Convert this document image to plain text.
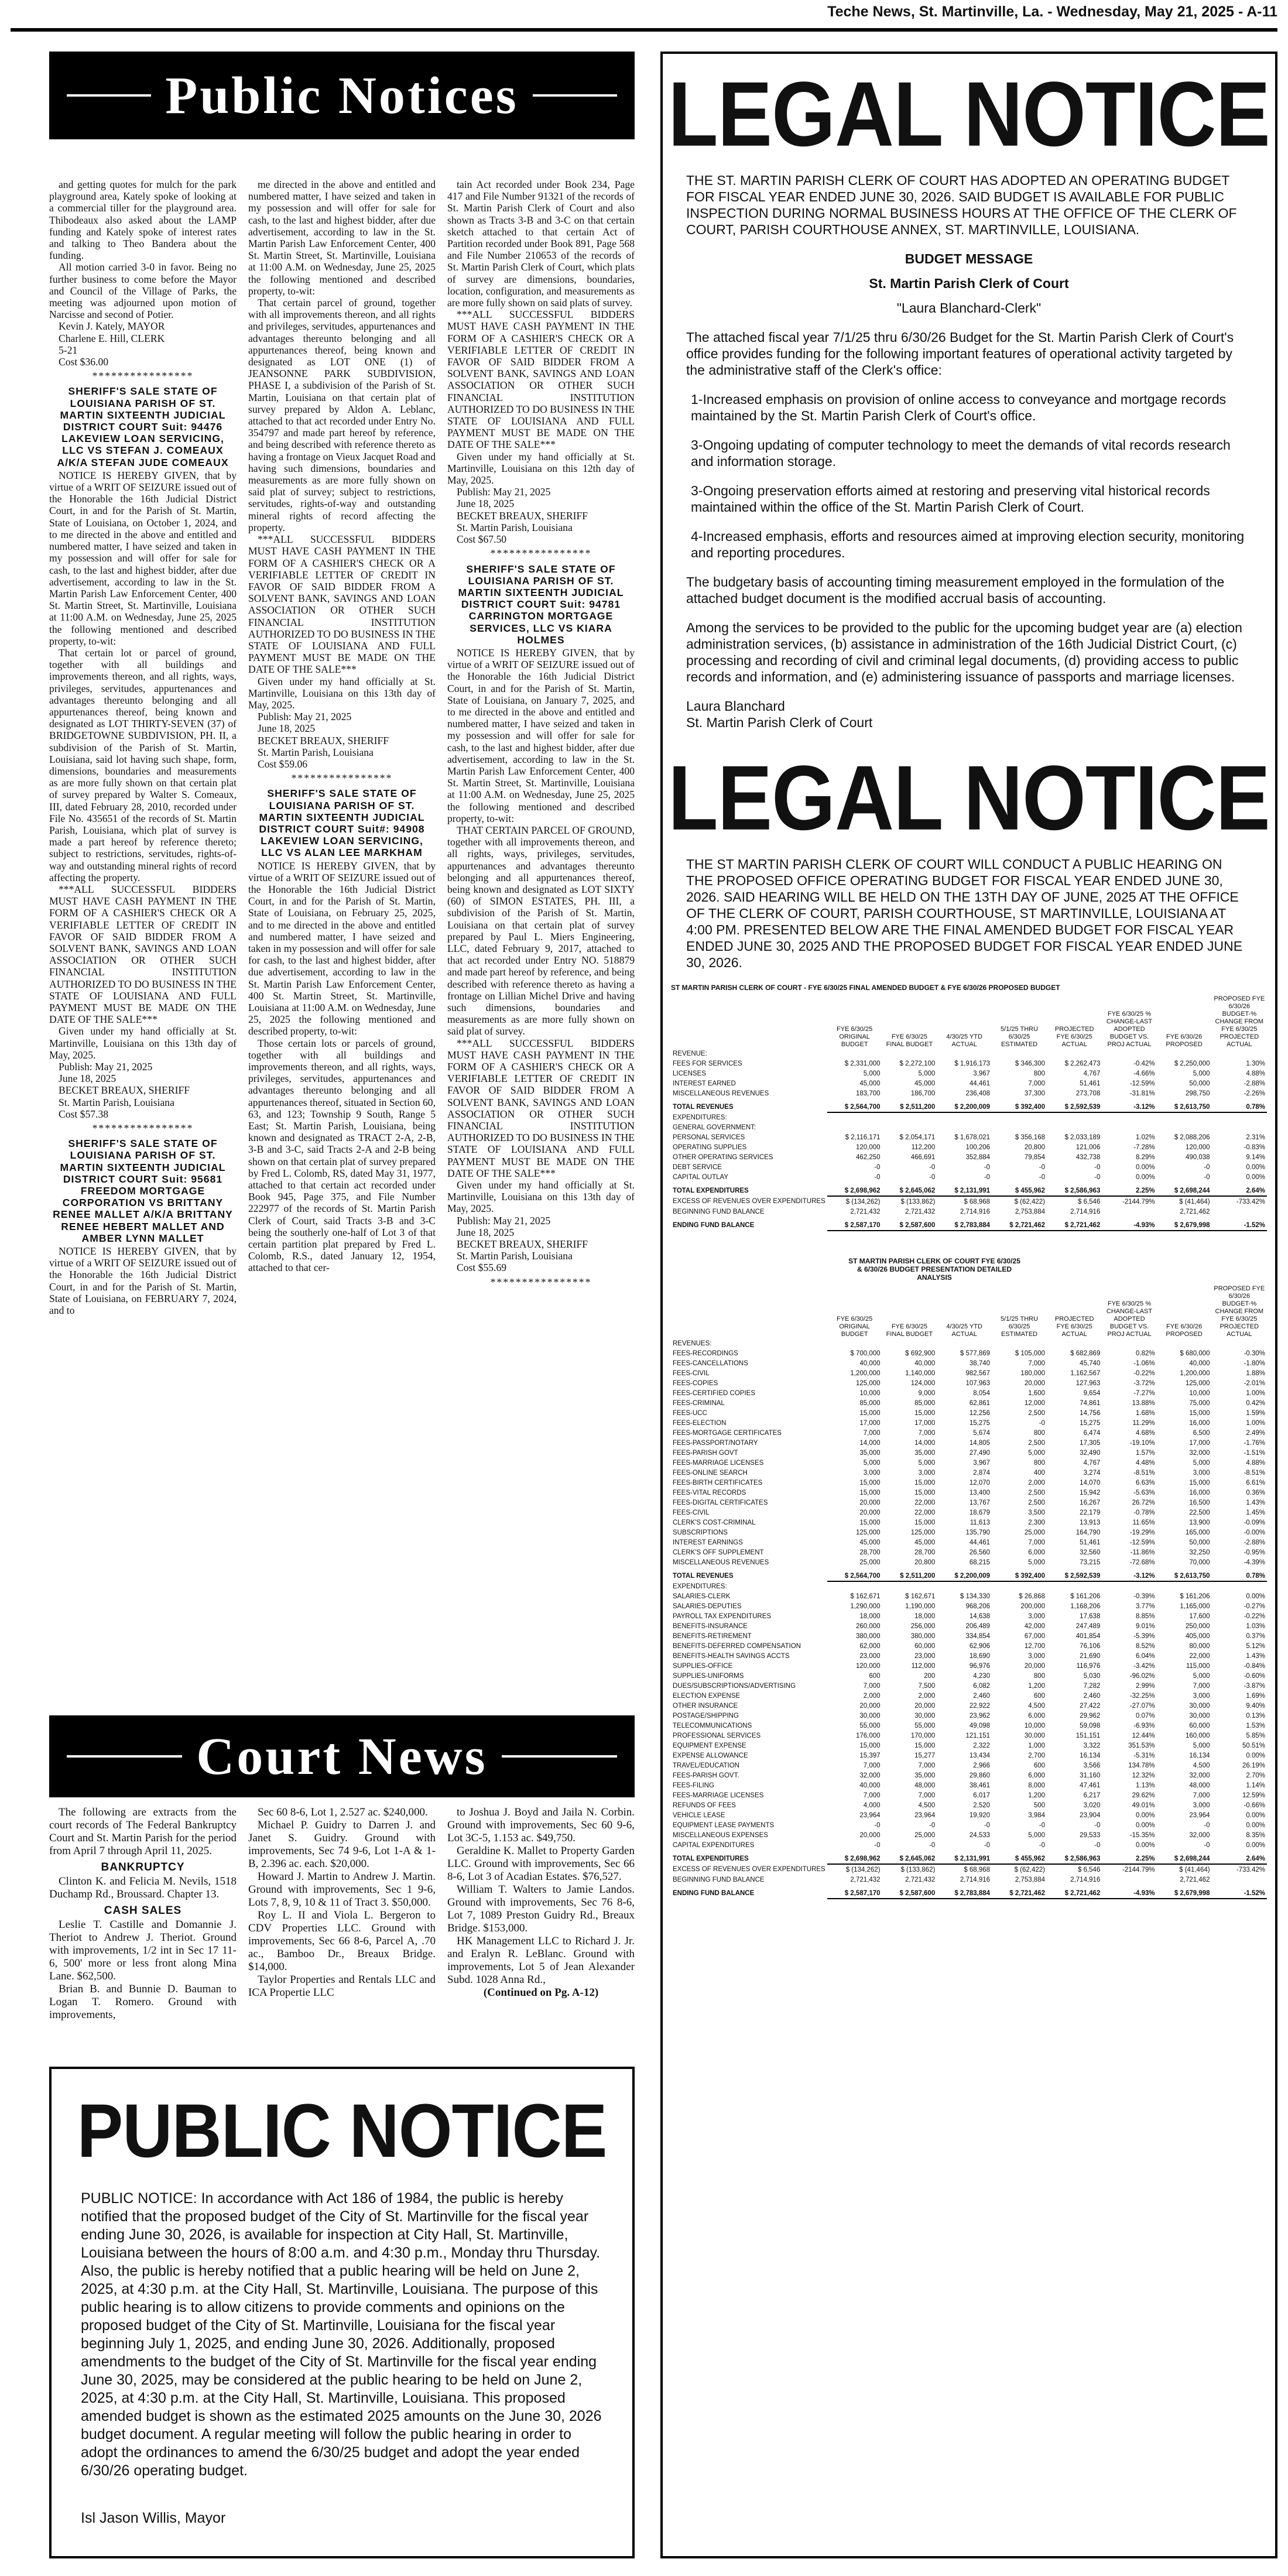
Teche News, St. Martinville, La. - Wednesday, May 21, 2025 - A-11
Public Notices

and getting quotes for mulch for the park playground area, Kately spoke of looking at a commercial tiller for the playground area. Thibodeaux also asked about the LAMP funding and Kately spoke of interest rates and talking to Theo Bandera about the funding.

All motion carried 3-0 in favor. Being no further business to come before the Mayor and Council of the Village of Parks, the meeting was adjourned upon motion of Narcisse and second of Potier.

Kevin J. Kately, MAYOR

Charlene E. Hill, CLERK

5-21

Cost $36.00

****************

SHERIFF'S SALE STATE OF LOUISIANA PARISH OF ST. MARTIN SIXTEENTH JUDICIAL DISTRICT COURT Suit: 94476 LAKEVIEW LOAN SERVICING, LLC VS STEFAN J. COMEAUX A/K/A STEFAN JUDE COMEAUX

NOTICE IS HEREBY GIVEN, that by virtue of a WRIT OF SEIZURE issued out of the Honorable the 16th Judicial District Court, in and for the Parish of St. Martin, State of Louisiana, on October 1, 2024, and to me directed in the above and entitled and numbered matter, I have seized and taken in my possession and will offer for sale for cash, to the last and highest bidder, after due advertisement, according to law in the St. Martin Parish Law Enforcement Center, 400 St. Martin Street, St. Martinville, Louisiana at 11:00 A.M. on Wednesday, June 25, 2025 the following mentioned and described property, to-wit:

That certain lot or parcel of ground, together with all buildings and improvements thereon, and all rights, ways, privileges, servitudes, appurtenances and advantages thereunto belonging and all appurtenances thereof, being known and designated as LOT THIRTY-SEVEN (37) of BRIDGETOWNE SUBDIVISION, PH. II, a subdivision of the Parish of St. Martin, Louisiana, said lot having such shape, form, dimensions, boundaries and measurements as are more fully shown on that certain plat of survey prepared by Walter S. Comeaux, III, dated February 28, 2010, recorded under File No. 435651 of the records of St. Martin Parish, Louisiana, which plat of survey is made a part hereof by reference thereto; subject to restrictions, servitudes, rights-of-way and outstanding mineral rights of record affecting the property.

***ALL SUCCESSFUL BIDDERS MUST HAVE CASH PAYMENT IN THE FORM OF A CASHIER'S CHECK OR A VERIFIABLE LETTER OF CREDIT IN FAVOR OF SAID BIDDER FROM A SOLVENT BANK, SAVINGS AND LOAN ASSOCIATION OR OTHER SUCH FINANCIAL INSTITUTION AUTHORIZED TO DO BUSINESS IN THE STATE OF LOUISIANA AND FULL PAYMENT MUST BE MADE ON THE DATE OF THE SALE***

Given under my hand officially at St. Martinville, Louisiana on this 13th day of May, 2025.

Publish: May 21, 2025

June 18, 2025

BECKET BREAUX, SHERIFF

St. Martin Parish, Louisiana

Cost $57.38

****************

SHERIFF'S SALE STATE OF LOUISIANA PARISH OF ST. MARTIN SIXTEENTH JUDICIAL DISTRICT COURT Suit: 95681 FREEDOM MORTGAGE CORPORATION VS BRITTANY RENEE MALLET A/K/A BRITTANY RENEE HEBERT MALLET AND AMBER LYNN MALLET

NOTICE IS HEREBY GIVEN, that by virtue of a WRIT OF SEIZURE issued out of the Honorable the 16th Judicial District Court, in and for the Parish of St. Martin, State of Louisiana, on FEBRUARY 7, 2024, and to

me directed in the above and entitled and numbered matter, I have seized and taken in my possession and will offer for sale for cash, to the last and highest bidder, after due advertisement, according to law in the St. Martin Parish Law Enforcement Center, 400 St. Martin Street, St. Martinville, Louisiana at 11:00 A.M. on Wednesday, June 25, 2025 the following mentioned and described property, to-wit:

That certain parcel of ground, together with all improvements thereon, and all rights and privileges, servitudes, appurtenances and advantages thereunto belonging and all appurtenances thereof, being known and designated as LOT ONE (1) of JEANSONNE PARK SUBDIVISION, PHASE I, a subdivision of the Parish of St. Martin, Louisiana on that certain plat of survey prepared by Aldon A. Leblanc, attached to that act recorded under Entry No. 354797 and made part hereof by reference, and being described with reference thereto as having a frontage on Vieux Jacquet Road and having such dimensions, boundaries and measurements as are more fully shown on said plat of survey; subject to restrictions, servitudes, rights-of-way and outstanding mineral rights of record affecting the property.

***ALL SUCCESSFUL BIDDERS MUST HAVE CASH PAYMENT IN THE FORM OF A CASHIER'S CHECK OR A VERIFIABLE LETTER OF CREDIT IN FAVOR OF SAID BIDDER FROM A SOLVENT BANK, SAVINGS AND LOAN ASSOCIATION OR OTHER SUCH FINANCIAL INSTITUTION AUTHORIZED TO DO BUSINESS IN THE STATE OF LOUISIANA AND FULL PAYMENT MUST BE MADE ON THE DATE OF THE SALE***

Given under my hand officially at St. Martinville, Louisiana on this 13th day of May, 2025.

Publish: May 21, 2025

June 18, 2025

BECKET BREAUX, SHERIFF

St. Martin Parish, Louisiana

Cost $59.06

****************

SHERIFF'S SALE STATE OF LOUISIANA PARISH OF ST. MARTIN SIXTEENTH JUDICIAL DISTRICT COURT Suit#: 94908 LAKEVIEW LOAN SERVICING, LLC VS ALAN LEE MARKHAM

NOTICE IS HEREBY GIVEN, that by virtue of a WRIT OF SEIZURE issued out of the Honorable the 16th Judicial District Court, in and for the Parish of St. Martin, State of Louisiana, on February 25, 2025, and to me directed in the above and entitled and numbered matter, I have seized and taken in my possession and will offer for sale for cash, to the last and highest bidder, after due advertisement, according to law in the St. Martin Parish Law Enforcement Center, 400 St. Martin Street, St. Martinville, Louisiana at 11:00 A.M. on Wednesday, June 25, 2025 the following mentioned and described property, to-wit:

Those certain lots or parcels of ground, together with all buildings and improvements thereon, and all rights, ways, privileges, servitudes, appurtenances and advantages thereunto belonging and all appurtenances thereof, situated in Section 60, 63, and 123; Township 9 South, Range 5 East; St. Martin Parish, Louisiana, being known and designated as TRACT 2-A, 2-B, 3-B and 3-C, said Tracts 2-A and 2-B being shown on that certain plat of survey prepared by Fred L. Colomb, RS, dated May 31, 1977, attached to that certain act recorded under Book 945, Page 375, and File Number 222977 of the records of St. Martin Parish Clerk of Court, said Tracts 3-B and 3-C being the southerly one-half of Lot 3 of that certain partition plat prepared by Fred L. Colomb, R.S., dated January 12, 1954, attached to that cer-

tain Act recorded under Book 234, Page 417 and File Number 91321 of the records of St. Martin Parish Clerk of Court and also shown as Tracts 3-B and 3-C on that certain sketch attached to that certain Act of Partition recorded under Book 891, Page 568 and File Number 210653 of the records of St. Martin Parish Clerk of Court, which plats of survey are dimensions, boundaries, location, configuration, and measurements as are more fully shown on said plats of survey.

***ALL SUCCESSFUL BIDDERS MUST HAVE CASH PAYMENT IN THE FORM OF A CASHIER'S CHECK OR A VERIFIABLE LETTER OF CREDIT IN FAVOR OF SAID BIDDER FROM A SOLVENT BANK, SAVINGS AND LOAN ASSOCIATION OR OTHER SUCH FINANCIAL INSTITUTION AUTHORIZED TO DO BUSINESS IN THE STATE OF LOUISIANA AND FULL PAYMENT MUST BE MADE ON THE DATE OF THE SALE***

Given under my hand officially at St. Martinville, Louisiana on this 12th day of May, 2025.

Publish: May 21, 2025

June 18, 2025

BECKET BREAUX, SHERIFF

St. Martin Parish, Louisiana

Cost $67.50

****************

SHERIFF'S SALE STATE OF LOUISIANA PARISH OF ST. MARTIN SIXTEENTH JUDICIAL DISTRICT COURT Suit: 94781 CARRINGTON MORTGAGE SERVICES, LLC VS KIARA HOLMES

NOTICE IS HEREBY GIVEN, that by virtue of a WRIT OF SEIZURE issued out of the Honorable the 16th Judicial District Court, in and for the Parish of St. Martin, State of Louisiana, on January 7, 2025, and to me directed in the above and entitled and numbered matter, I have seized and taken in my possession and will offer for sale for cash, to the last and highest bidder, after due advertisement, according to law in the St. Martin Parish Law Enforcement Center, 400 St. Martin Street, St. Martinville, Louisiana at 11:00 A.M. on Wednesday, June 25, 2025 the following mentioned and described property, to-wit:

THAT CERTAIN PARCEL OF GROUND, together with all improvements thereon, and all rights, ways, privileges, servitudes, appurtenances and advantages thereunto belonging and all appurtenances thereof, being known and designated as LOT SIXTY (60) of SIMON ESTATES, PH. III, a subdivision of the Parish of St. Martin, Louisiana on that certain plat of survey prepared by Paul L. Miers Engineering, LLC, dated February 9, 2017, attached to that act recorded under Entry NO. 518879 and made part hereof by reference, and being described with reference thereto as having a frontage on Lillian Michel Drive and having such dimensions, boundaries and measurements as are more fully shown on said plat of survey.

***ALL SUCCESSFUL BIDDERS MUST HAVE CASH PAYMENT IN THE FORM OF A CASHIER'S CHECK OR A VERIFIABLE LETTER OF CREDIT IN FAVOR OF SAID BIDDER FROM A SOLVENT BANK, SAVINGS AND LOAN ASSOCIATION OR OTHER SUCH FINANCIAL INSTITUTION AUTHORIZED TO DO BUSINESS IN THE STATE OF LOUISIANA AND FULL PAYMENT MUST BE MADE ON THE DATE OF THE SALE***

Given under my hand officially at St. Martinville, Louisiana on this 13th day of May, 2025.

Publish: May 21, 2025

June 18, 2025

BECKET BREAUX, SHERIFF

St. Martin Parish, Louisiana

Cost $55.69

****************

Court News

The following are extracts from the court records of The Federal Bankruptcy Court and St. Martin Parish for the period from April 7 through April 11, 2025.

BANKRUPTCY

Clinton K. and Felicia M. Nevils, 1518 Duchamp Rd., Broussard. Chapter 13.

CASH SALES

Leslie T. Castille and Domannie J. Theriot to Andrew J. Theriot. Ground with improvements, 1/2 int in Sec 17 11-6, 500' more or less front along Mina Lane. $62,500.

Brian B. and Bunnie D. Bauman to Logan T. Romero. Ground with improvements,

Sec 60 8-6, Lot 1, 2.527 ac. $240,000.

Michael P. Guidry to Darren J. and Janet S. Guidry. Ground with improvements, Sec 74 9-6, Lot 1-A & 1-B, 2.396 ac. each. $20,000.

Howard J. Martin to Andrew J. Martin. Ground with improvements, Sec 1 9-6, Lots 7, 8, 9, 10 & 11 of Tract 3. $50,000.

Roy L. II and Viola L. Bergeron to CDV Properties LLC. Ground with improvements, Sec 66 8-6, Parcel A, .70 ac., Bamboo Dr., Breaux Bridge. $14,000.

Taylor Properties and Rentals LLC and ICA Propertie LLC

to Joshua J. Boyd and Jaila N. Corbin. Ground with improvements, Sec 60 9-6, Lot 3C-5, 1.153 ac. $49,750.

Geraldine K. Mallet to Property Garden LLC. Ground with improvements, Sec 66 8-6, Lot 3 of Acadian Estates. $76,527.

William T. Walters to Jamie Landos. Ground with improvements, Sec 76 8-6, Lot 7, 1089 Preston Guidry Rd., Breaux Bridge. $153,000.

HK Management LLC to Richard J. Jr. and Eralyn R. LeBlanc. Ground with improvements, Lot 5 of Jean Alexander Subd. 1028 Anna Rd.,

(Continued on Pg. A-12)

PUBLIC NOTICE

PUBLIC NOTICE: In accordance with Act 186 of 1984, the public is hereby notified that the proposed budget of the City of St. Martinville for the fiscal year ending June 30, 2026, is available for inspection at City Hall, St. Martinville, Louisiana between the hours of 8:00 a.m. and 4:30 p.m., Monday thru Thursday. Also, the public is hereby notified that a public hearing will be held on June 2, 2025, at 4:30 p.m. at the City Hall, St. Martinville, Louisiana. The purpose of this public hearing is to allow citizens to provide comments and opinions on the proposed budget of the City of St. Martinville, Louisiana for the fiscal year beginning July 1, 2025, and ending June 30, 2026. Additionally, proposed amendments to the budget of the City of St. Martinville for the fiscal year ending June 30, 2025, may be considered at the public hearing to be held on June 2, 2025, at 4:30 p.m. at the City Hall, St. Martinville, Louisiana. This proposed amended budget is shown as the estimated 2025 amounts on the June 30, 2026 budget document. A regular meeting will follow the public hearing in order to adopt the ordinances to amend the 6/30/25 budget and adopt the year ended 6/30/26 operating budget.

Isl Jason Willis, Mayor

LEGAL NOTICE

THE ST. MARTIN PARISH CLERK OF COURT HAS ADOPTED AN OPERATING BUDGET FOR FISCAL YEAR ENDED JUNE 30, 2026. SAID BUDGET IS AVAILABLE FOR PUBLIC INSPECTION DURING NORMAL BUSINESS HOURS AT THE OFFICE OF THE CLERK OF COURT, PARISH COURTHOUSE ANNEX, ST. MARTINVILLE, LOUISIANA.

BUDGET MESSAGE

St. Martin Parish Clerk of Court

"Laura Blanchard-Clerk"

The attached fiscal year 7/1/25 thru 6/30/26 Budget for the St. Martin Parish Clerk of Court's office provides funding for the following important features of operational activity targeted by the administrative staff of the Clerk's office:

1-Increased emphasis on provision of online access to conveyance and mortgage records maintained by the St. Martin Parish Clerk of Court's office.

3-Ongoing updating of computer technology to meet the demands of vital records research and information storage.

3-Ongoing preservation efforts aimed at restoring and preserving vital historical records maintained within the office of the St. Martin Parish Clerk of Court.

4-Increased emphasis, efforts and resources aimed at improving election security, monitoring and reporting procedures.

The budgetary basis of accounting timing measurement employed in the formulation of the attached budget document is the modified accrual basis of accounting.

Among the services to be provided to the public for the upcoming budget year are (a) election administration services, (b) assistance in administration of the 16th Judicial District Court, (c) processing and recording of civil and criminal legal documents, (d) providing access to public records and information, and (e) administering issuance of passports and marriage licenses.

Laura Blanchard

St. Martin Parish Clerk of Court

LEGAL NOTICE

THE ST MARTIN PARISH CLERK OF COURT WILL CONDUCT A PUBLIC HEARING ON THE PROPOSED OFFICE OPERATING BUDGET FOR FISCAL YEAR ENDED JUNE 30, 2026. SAID HEARING WILL BE HELD ON THE 13TH DAY OF JUNE, 2025 AT THE OFFICE OF THE CLERK OF COURT, PARISH COURTHOUSE, ST MARTINVILLE, LOUISIANA AT 4:00 PM. PRESENTED BELOW ARE THE FINAL AMENDED BUDGET FOR FISCAL YEAR ENDED JUNE 30, 2025 AND THE PROPOSED BUDGET FOR FISCAL YEAR ENDED JUNE 30, 2026.

ST MARTIN PARISH CLERK OF COURT - FYE 6/30/25 FINAL AMENDED BUDGET & FYE 6/30/26 PROPOSED BUDGET
	FYE 6/30/25 ORIGINAL BUDGET	FYE 6/30/25 FINAL BUDGET	4/30/25 YTD ACTUAL	5/1/25 THRU 6/30/25 ESTIMATED	PROJECTED FYE 6/30/25 ACTUAL	FYE 6/30/25 % CHANGE-LAST ADOPTED BUDGET VS. PROJ ACTUAL	FYE 6/30/26 PROPOSED	PROPOSED FYE 6/30/26 BUDGET-% CHANGE FROM FYE 6/30/25 PROJECTED ACTUAL
REVENUE:								
FEES FOR SERVICES	$ 2,331,000	$ 2,272,100	$ 1,916,173	$ 346,300	$ 2,262,473	-0.42%	$ 2,250,000	1.30%
LICENSES	5,000	5,000	3,967	800	4,767	-4.66%	5,000	4.88%
INTEREST EARNED	45,000	45,000	44,461	7,000	51,461	-12.59%	50,000	-2.88%
MISCELLANEOUS REVENUES	183,700	186,700	236,408	37,300	273,708	-31.81%	298,750	-2.26%
TOTAL REVENUES	$ 2,564,700	$ 2,511,200	$ 2,200,009	$ 392,400	$ 2,592,539	-3.12%	$ 2,613,750	0.78%
EXPENDITURES:								
GENERAL GOVERNMENT:								
PERSONAL SERVICES	$ 2,116,171	$ 2,054,171	$ 1,678,021	$ 356,168	$ 2,033,189	1.02%	$ 2,088,206	2.31%
OPERATING SUPPLIES	120,000	112,200	100,206	20,800	121,006	-7.28%	120,000	-0.83%
OTHER OPERATING SERVICES	462,250	466,691	352,884	79,854	432,738	8.29%	490,038	9.14%
DEBT SERVICE	-0	-0	-0	-0	-0	0.00%	-0	0.00%
CAPITAL OUTLAY	-0	-0	-0	-0	-0	0.00%	-0	0.00%
TOTAL EXPENDITURES	$ 2,698,962	$ 2,645,062	$ 2,131,991	$ 455,962	$ 2,586,963	2.25%	$ 2,698,244	2.64%
EXCESS OF REVENUES OVER EXPENDITURES	$ (134,262)	$ (133,862)	$ 68,968	$ (62,422)	$ 6,546	-2144.79%	$ (41,464)	-733.42%
BEGINNING FUND BALANCE	2,721,432	2,721,432	2,714,916	2,753,884	2,714,916		2,721,462	
ENDING FUND BALANCE	$ 2,587,170	$ 2,587,600	$ 2,783,884	$ 2,721,462	$ 2,721,462	-4.93%	$ 2,679,998	-1.52%
ST MARTIN PARISH CLERK OF COURT FYE 6/30/25 & 6/30/26 BUDGET PRESENTATION DETAILED ANALYSIS
	FYE 6/30/25 ORIGINAL BUDGET	FYE 6/30/25 FINAL BUDGET	4/30/25 YTD ACTUAL	5/1/25 THRU 6/30/25 ESTIMATED	PROJECTED FYE 6/30/25 ACTUAL	FYE 6/30/25 % CHANGE-LAST ADOPTED BUDGET VS. PROJ ACTUAL	FYE 6/30/26 PROPOSED	PROPOSED FYE 6/30/26 BUDGET-% CHANGE FROM FYE 6/30/25 PROJECTED ACTUAL
REVENUES:								
FEES-RECORDINGS	$ 700,000	$ 692,900	$ 577,869	$ 105,000	$ 682,869	0.82%	$ 680,000	-0.30%
FEES-CANCELLATIONS	40,000	40,000	38,740	7,000	45,740	-1.06%	40,000	-1.80%
FEES-CIVIL	1,200,000	1,140,000	982,567	180,000	1,162,567	-0.22%	1,200,000	1.88%
FEES-COPIES	125,000	124,000	107,963	20,000	127,963	-3.72%	125,000	-2.01%
FEES-CERTIFIED COPIES	10,000	9,000	8,054	1,600	9,654	-7.27%	10,000	1.00%
FEES-CRIMINAL	85,000	85,000	62,861	12,000	74,861	13.88%	75,000	0.42%
FEES-UCC	15,000	15,000	12,256	2,500	14,756	1.68%	15,000	1.59%
FEES-ELECTION	17,000	17,000	15,275	-0	15,275	11.29%	16,000	1.00%
FEES-MORTGAGE CERTIFICATES	7,000	7,000	5,674	800	6,474	4.68%	6,500	2.49%
FEES-PASSPORT/NOTARY	14,000	14,000	14,805	2,500	17,305	-19.10%	17,000	-1.76%
FEES-PARISH GOVT	35,000	35,000	27,490	5,000	32,490	1.57%	32,000	-1.51%
FEES-MARRIAGE LICENSES	5,000	5,000	3,967	800	4,767	4.48%	5,000	4.88%
FEES-ONLINE SEARCH	3,000	3,000	2,874	400	3,274	-8.51%	3,000	-8.51%
FEES-BIRTH CERTIFICATES	15,000	15,000	12,070	2,000	14,070	6.63%	15,000	6.61%
FEES-VITAL RECORDS	15,000	15,000	13,400	2,500	15,942	-5.63%	16,000	0.36%
FEES-DIGITAL CERTIFICATES	20,000	22,000	13,767	2,500	16,267	26.72%	16,500	1.43%
FEES-CIVIL	20,000	22,000	18,679	3,500	22,179	-0.78%	22,500	1.45%
CLERK'S COST-CRIMINAL	15,000	15,000	11,613	2,300	13,913	11.65%	13,900	-0.09%
SUBSCRIPTIONS	125,000	125,000	135,790	25,000	164,790	-19.29%	165,000	-0.00%
INTEREST EARNINGS	45,000	45,000	44,461	7,000	51,461	-12.59%	50,000	-2.88%
CLERK'S OFF SUPPLEMENT	28,700	28,700	26,560	6,000	32,560	-11.86%	32,250	-0.95%
MISCELLANEOUS REVENUES	25,000	20,800	68,215	5,000	73,215	-72.68%	70,000	-4.39%
TOTAL REVENUES	$ 2,564,700	$ 2,511,200	$ 2,200,009	$ 392,400	$ 2,592,539	-3.12%	$ 2,613,750	0.78%
EXPENDITURES:								
SALARIES-CLERK	$ 162,671	$ 162,671	$ 134,330	$ 26,868	$ 161,206	-0.39%	$ 161,206	0.00%
SALARIES-DEPUTIES	1,290,000	1,190,000	968,206	200,000	1,168,206	3.77%	1,165,000	-0.27%
PAYROLL TAX EXPENDITURES	18,000	18,000	14,638	3,000	17,638	8.85%	17,600	-0.22%
BENEFITS-INSURANCE	260,000	256,000	206,489	42,000	247,489	9.01%	250,000	1.03%
BENEFITS-RETIREMENT	380,000	380,000	334,854	67,000	401,854	-5.39%	405,000	0.37%
BENEFITS-DEFERRED COMPENSATION	62,000	60,000	62,906	12,700	76,106	8.52%	80,000	5.12%
BENEFITS-HEALTH SAVINGS ACCTS	23,000	23,000	18,690	3,000	21,690	6.04%	22,000	1.43%
SUPPLIES-OFFICE	120,000	112,000	96,976	20,000	116,976	-3.42%	115,000	-0.84%
SUPPLIES-UNIFORMS	600	200	4,230	800	5,030	-96.02%	5,000	-0.60%
DUES/SUBSCRIPTIONS/ADVERTISING	7,000	7,500	6,082	1,200	7,282	2.99%	7,000	-3.87%
ELECTION EXPENSE	2,000	2,000	2,460	600	2,460	-32.25%	3,000	1.69%
OTHER INSURANCE	20,000	20,000	22,922	4,500	27,422	-27.07%	30,000	9.40%
POSTAGE/SHIPPING	30,000	30,000	23,962	6,000	29,962	0.07%	30,000	0.13%
TELECOMMUNICATIONS	55,000	55,000	49,098	10,000	59,098	-6.93%	60,000	1.53%
PROFESSIONAL SERVICES	176,000	170,000	121,151	30,000	151,151	12.44%	160,000	5.85%
EQUIPMENT EXPENSE	15,000	15,000	2,322	1,000	3,322	351.53%	5,000	50.51%
EXPENSE ALLOWANCE	15,397	15,277	13,434	2,700	16,134	-5.31%	16,134	0.00%
TRAVEL/EDUCATION	7,000	7,000	2,966	600	3,566	134.78%	4,500	26.19%
FEES-PARISH GOVT.	32,000	35,000	29,860	6,000	31,160	12.32%	32,000	2.70%
FEES-FILING	40,000	48,000	38,461	8,000	47,461	1.13%	48,000	1.14%
FEES-MARRIAGE LICENSES	7,000	7,000	6,017	1,200	6,217	29.62%	7,000	12.59%
REFUNDS OF FEES	4,000	4,500	2,520	500	3,020	49.01%	3,000	-0.66%
VEHICLE LEASE	23,964	23,964	19,920	3,984	23,904	0.00%	23,964	0.00%
EQUIPMENT LEASE PAYMENTS	-0	-0	-0	-0	-0	0.00%	-0	0.00%
MISCELLANEOUS EXPENSES	20,000	25,000	24,533	5,000	29,533	-15.35%	32,000	8.35%
CAPITAL EXPENDITURES	-0	-0	-0	-0	-0	0.00%	-0	0.00%
TOTAL EXPENDITURES	$ 2,698,962	$ 2,645,062	$ 2,131,991	$ 455,962	$ 2,586,963	2.25%	$ 2,698,244	2.64%
EXCESS OF REVENUES OVER EXPENDITURES	$ (134,262)	$ (133,862)	$ 68,968	$ (62,422)	$ 6,546	-2144.79%	$ (41,464)	-733.42%
BEGINNING FUND BALANCE	2,721,432	2,721,432	2,714,916	2,753,884	2,714,916		2,721,462	
ENDING FUND BALANCE	$ 2,587,170	$ 2,587,600	$ 2,783,884	$ 2,721,462	$ 2,721,462	-4.93%	$ 2,679,998	-1.52%
